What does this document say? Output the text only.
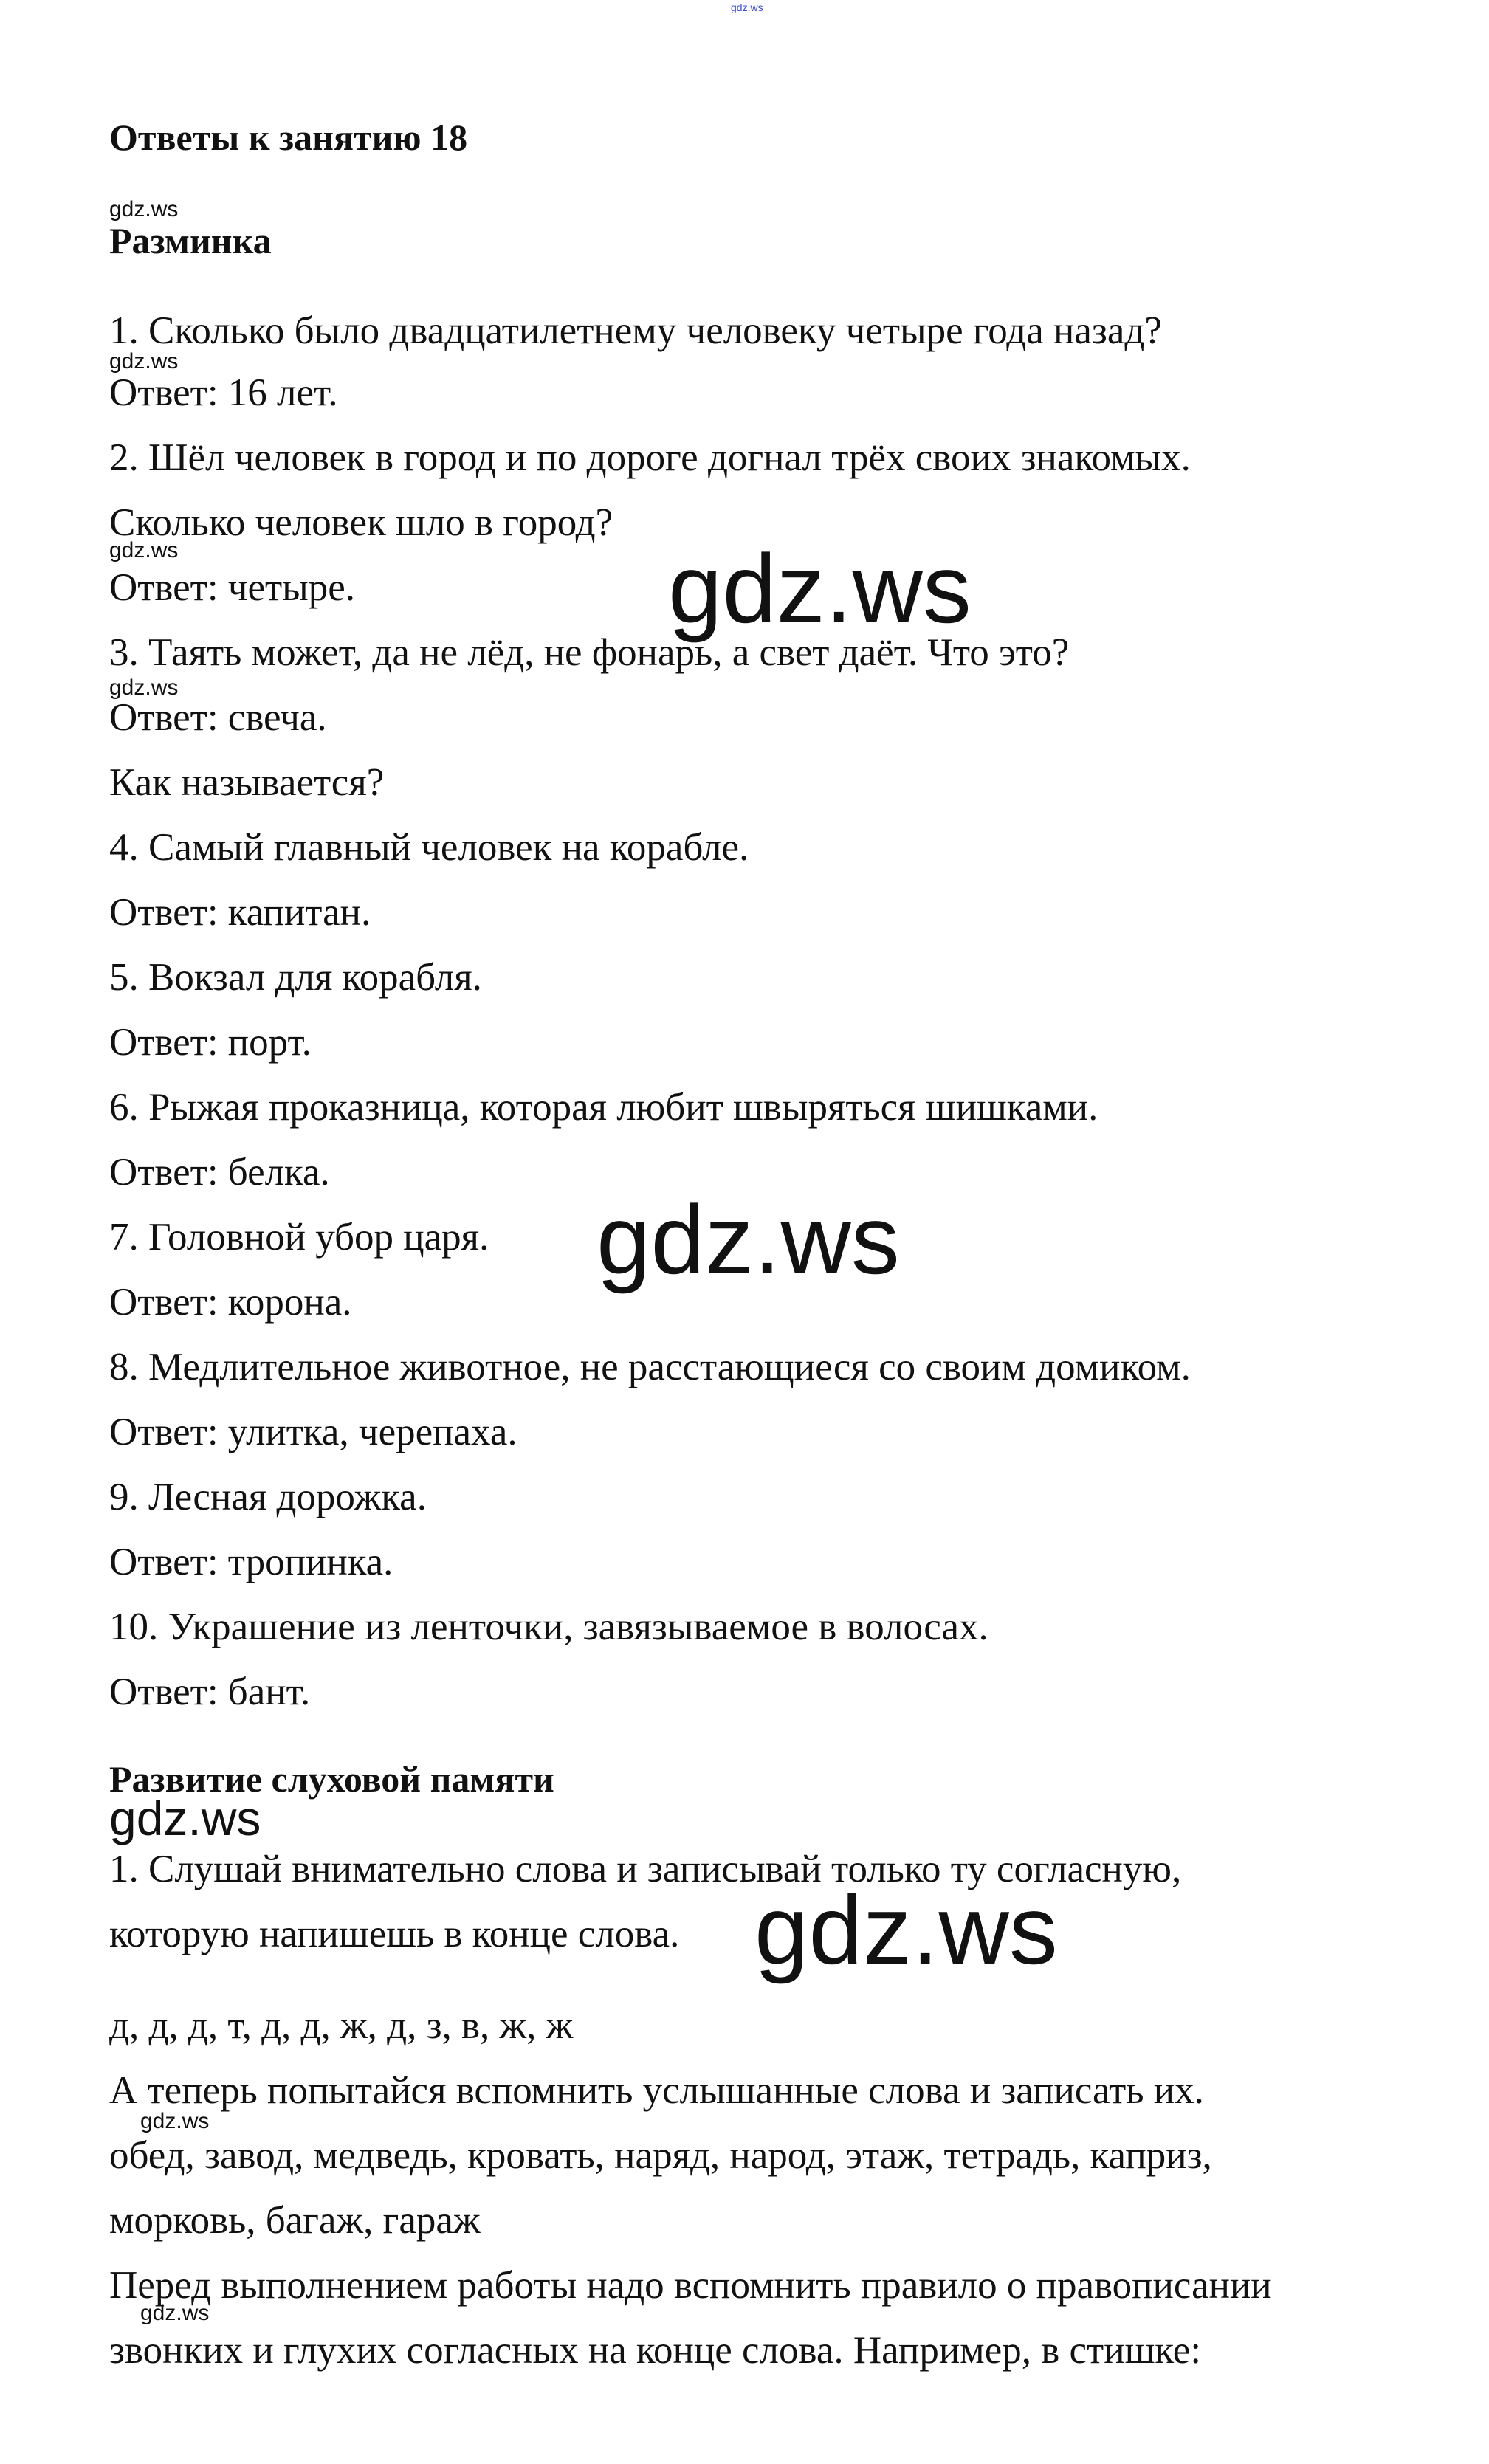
gdz.ws
Ответы к занятию 18
gdz.ws
Разминка
1. Сколько было двадцатилетнему человеку четыре года назад?
gdz.ws
Ответ: 16 лет.
2. Шёл человек в город и по дороге догнал трёх своих знакомых.
Сколько человек шло в город?
gdz.ws
Ответ: четыре.	gdz.ws
3. Таять может, да не лёд, не фонарь, а свет даёт. Что это?
gdz.ws
Ответ: свеча.
Как называется?
4. Самый главный человек на корабле.
Ответ: капитан.
5. Вокзал для корабля.
Ответ: порт.
6. Рыжая проказница, которая любит швыряться шишками.
Ответ: белка.
7. Головной убор царя. gdz.ws
Ответ: корона.
8. Медлительное животное, не расстающиеся со своим домиком.
Ответ: улитка, черепаха.
9. Лесная дорожка.
Ответ: тропинка.
10. Украшение из ленточки, завязываемое в волосах.
Ответ: бант.
Развитие слуховой памяти
gdz.ws
1. Слушай внимательно слова и записывай только ту согласную,
которую напишешь в конце слова. gdz.ws
д, д, д, т, д, д, ж, д, з, в, ж, ж
А теперь попытайся вспомнить услышанные слова и записать их.
gdz.ws
обед, завод, медведь, кровать, наряд, народ, этаж, тетрадь, каприз,
морковь, багаж, гараж
Перед выполнением работы надо вспомнить правило о правописании
gdz.ws
звонких и глухих согласных на конце слова. Например, в стишке:
